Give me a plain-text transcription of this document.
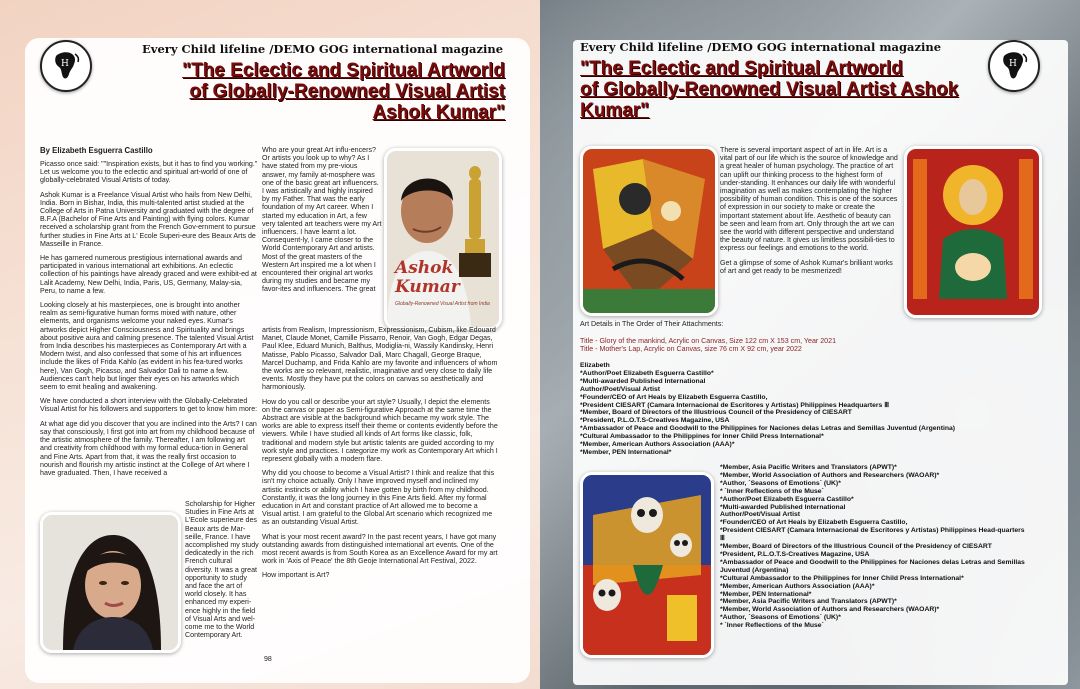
H
Every Child lifeline /DEMO GOG international magazine
"The Eclectic and Spiritual Artworld
of Globally-Renowned Visual Artist
Ashok Kumar"
By Elizabeth Esguerra Castillo

Picasso once said: ""Inspiration exists, but it has to find you working." Let us welcome you to the eclectic and spiritual art-world of one of globally-celebrated Visual Artists of today.

Ashok Kumar is a Freelance Visual Artist who hails from New Delhi, India. Born in Bishar, India, this multi-talented artist studied at the College of Arts in Patna University and graduated with the degree of B.F.A (Bachelor of Fine Arts and Painting) with flying colors. Kumar received a scholarship grant from the French Gov-ernment to pursue further studies in Fine Arts at L' Ecole Superi-eure des Beaux Arts de Masseille in France.

He has garnered numerous prestigious international awards and participated in various international art exhibitions. An eclectic collection of his paintings have already graced and were exhibit-ed at Lalit Academy, New Delhi, India, Paris, US, Germany, Malay-sia, Peru, to name a few.

Looking closely at his masterpieces, one is brought into another realm as semi-figurative human forms mixed with nature, other elements, and organisms welcome your naked eyes. Kumar's artworks depict Higher Consciousness and Spirituality and brings about positive aura and calming presence. The talented Visual Artist from India describes his masterpieces as Contemporary Art with a Modern twist, and also confessed that some of his art influences include the likes of Frida Kahlo (as evident in his fea-tured works here), Van Gogh, Picasso, and Salvador Dali to name a few. Audiences can't help but linger their eyes on his artworks which seem to emit healing and awakening.

We have conducted a short interview with the Globally-Celebrated Visual Artist for his followers and supporters to get to know him more:

At what age did you discover that you are inclined into the Arts? I can say that consciously, I first got into art from my childhood because of the artistic atmosphere of the family. Thereafter, I am following art and creativity from childhood with my formal educa-tion in General and Fine Arts. Apart from that, it was the really first occasion to nourish and flourish my artistic instinct at the College of Art where I have graduated. Then, I have received a

Scholarship for Higher Studies in Fine Arts at L'Ecole superieure des Beaux arts de Mar-seille, France. I have accomplished my study dedicatedly in the rich French cultural diversity. It was a great opportunity to study and face the art of world closely. It has enhanced my experi-ence highly in the field of Visual Arts and wel-come me to the World Contemporary Art.
Who are your great Art influ-encers? Or artists you look up to why? As I have stated from my pre-vious answer, my family at-mosphere was one of the basic great art influencers. I was artistically and highly inspired by my Father. That was the early foundation of my Art career. When I started my education in Art, a few very talented art teachers were my Art influencers. I have learnt a lot. Consequent-ly, I came closer to the World Contemporary Art and artists. Most of the great masters of the Western Art inspired me a lot when I encountered their original art works during my studies and became my favor-ites and influencers. The great
Ashok
Kumar
Globally-Renowned Visual Artist from India

artists from Realism, Impressionism, Expressionism, Cubism, like Edouard Manet, Claude Monet, Camille Pissarro, Renoir, Van Gogh, Edgar Degas, Paul Klee, Eduard Munich, Balthus, Modiglia-ni, Wassily Kandinsky, Henri Matisse, Pablo Picasso, Salvador Dali, Marc Chagall, George Braque, Marcel Duchamp, and Frida Kahlo are my favorite and influencers of whom the works are so relevant, realistic, imaginative and very close to daily life events. Mostly they have put the colors on canvas so aesthetically and harmoniously.

How do you call or describe your art style? Usually, I depict the elements on the canvas or paper as Semi-figurative Approach at the same time the Abstract are visible at the background which became my work style. The works are able to express itself their theme or contents evidently before the viewers. While I have studied all kinds of Art forms like classic, folk, traditional and modern style but artistic talents are guided according to my work style and practices. I categorize my work as Contemporary Art which I represent globally with a modern flare.

Why did you choose to become a Visual Artist? I think and realize that this isn't my choice actually. Only I have improved myself and inclined my artistic instincts or ability which I have gotten by birth from my childhood. Constantly, it was the long journey in this Fine Arts field. After my formal education in Art and constant practice of Art allowed me to become a Visual artist. I am grateful to the Global Art scenario which recognized me as an outstanding Visual Artist.

What is your most recent award? In the past recent years, I have got many outstanding awards from distinguished international art events. One of the most recent awards is from South Korea as an Excellence Award for my art work in 'Axis of Peace' the 8th Geoje International Art Festival, 2022.

How important is Art?

98
Every Child lifeline /DEMO GOG international magazine
"The Eclectic and Spiritual Artworld
of Globally-Renowned Visual Artist Ashok
Kumar"
H

There is several important aspect of art in life. Art is a vital part of our life which is the source of knowledge and a great healer of human psychology. The practice of art can uplift our thinking process to the highest form of under-standing. It enhances our daily life with wonderful imagination as well as makes contemplating the higher possibility of human condition. This is one of the sources of expression in our society to make or create the important statement about life. Aesthetic of beauty can be seen and learn from art. Only through the art we can see the world with different perspective and understand the beauty of nature. It gives us limitless possibili-ties to express our feelings and emotions to the world.

Get a glimpse of some of Ashok Kumar's brilliant works of art and get ready to be mesmerized!

Art Details in The Order of Their Attachments:
Title - Glory of the mankind, Acrylic on Canvas, Size 122 cm X 153 cm, Year 2021
Title - Mother's Lap, Acrylic on Canvas, size 76 cm X 92 cm, year 2022
Elizabeth
*Author/Poet Elizabeth Esguerra Castillo*
*Multi-awarded Published International
Author/Poet/Visual Artist
*Founder/CEO of Art Heals by Elizabeth Esguerra Castillo,
*President CIESART (Camara Internacional de Escritores y Artistas) Philippines Headquarters Ⅲ
*Member, Board of Directors of the Illustrious Council of the Presidency of CIESART
*President, P.L.O.T.S-Creatives Magazine, USA
*Ambassador of Peace and Goodwill to the Philippines for Naciones delas Letras and Semillas Juventud (Argentina)
*Cultural Ambassador to the Philippines for Inner Child Press International*
*Member, American Authors Association (AAA)*
*Member, PEN International*
*Member, Asia Pacific Writers and Translators (APWT)*
*Member, World Association of Authors and Researchers (WAOAR)*
*Author, `Seasons of Emotions` (UK)*
* `Inner Reflections of the Muse`
*Author/Poet Elizabeth Esguerra Castillo*
*Multi-awarded Published International
Author/Poet/Visual Artist
*Founder/CEO of Art Heals by Elizabeth Esguerra Castillo,
*President CIESART (Camara Internacional de Escritores y Artistas) Philippines Head-quarters Ⅲ
*Member, Board of Directors of the Illustrious Council of the Presidency of CIESART
*President, P.L.O.T.S-Creatives Magazine, USA
*Ambassador of Peace and Goodwill to the Philippines for Naciones delas Letras and Semillas Juventud (Argentina)
*Cultural Ambassador to the Philippines for Inner Child Press International*
*Member, American Authors Association (AAA)*
*Member, PEN International*
*Member, Asia Pacific Writers and Translators (APWT)*
*Member, World Association of Authors and Researchers (WAOAR)*
*Author, `Seasons of Emotions` (UK)*
* `Inner Reflections of the Muse`
